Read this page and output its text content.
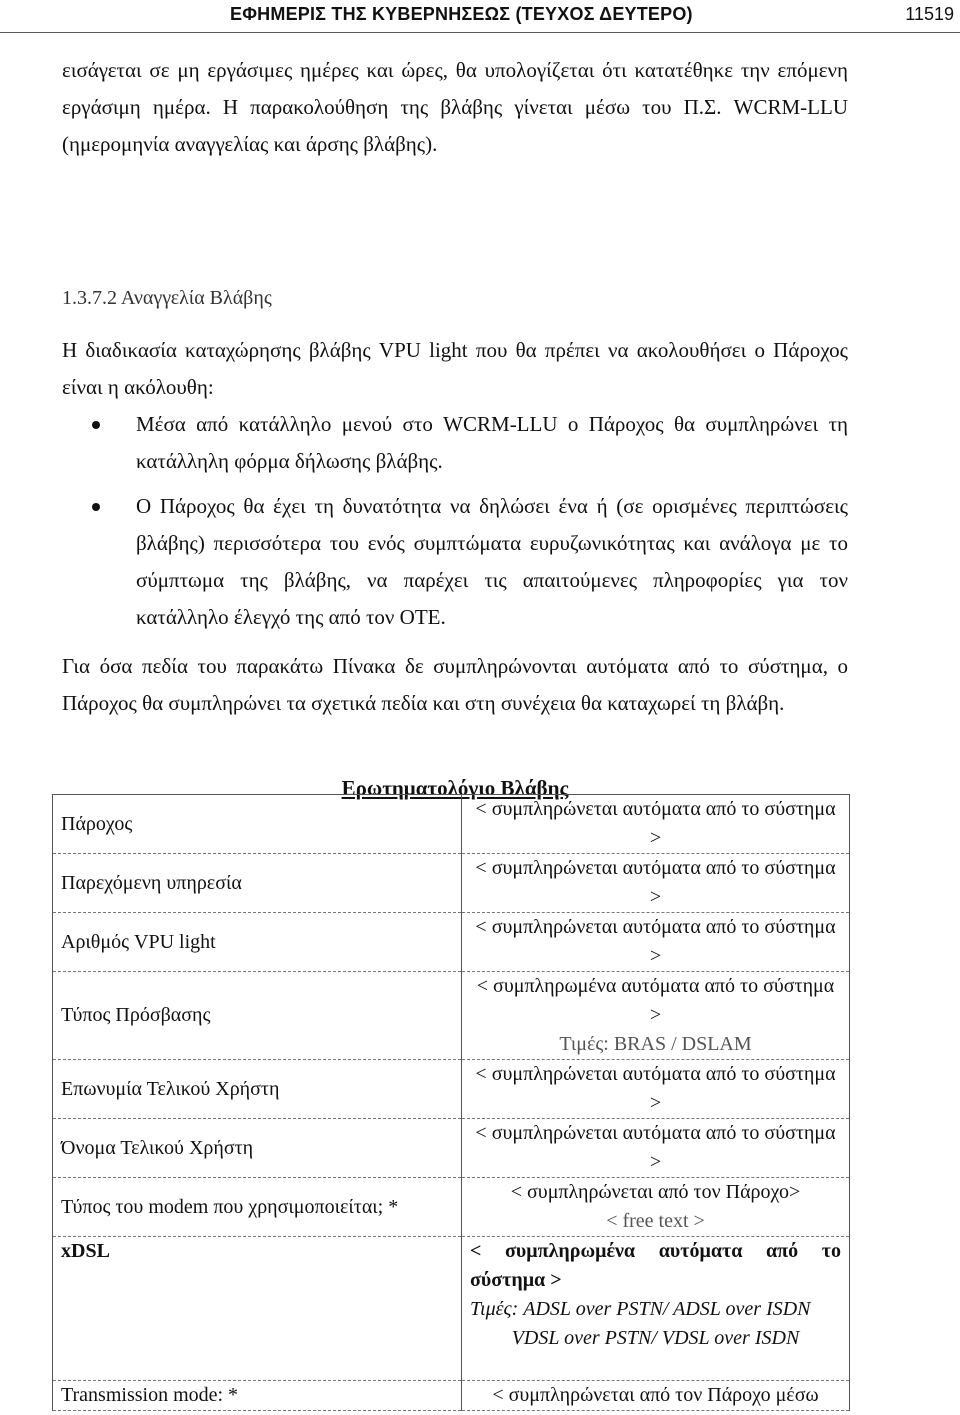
ΕΦΗΜΕΡΙΣ ΤΗΣ ΚΥΒΕΡΝΗΣΕΩΣ (ΤΕΥΧΟΣ ΔΕΥΤΕΡΟ)	11519

εισάγεται σε μη εργάσιμες ημέρες και ώρες, θα υπολογίζεται ότι κατατέθηκε την επόμενη εργάσιμη ημέρα. Η παρακολούθηση της βλάβης γίνεται μέσω του Π.Σ. WCRM-LLU (ημερομηνία αναγγελίας και άρσης βλάβης).

1.3.7.2 Αναγγελία Βλάβης

Η διαδικασία καταχώρησης βλάβης VPU light που θα πρέπει να ακολουθήσει ο Πάροχος είναι η ακόλουθη:

Μέσα από κατάλληλο μενού στο WCRM-LLU ο Πάροχος θα συμπληρώνει τη κατάλληλη φόρμα δήλωσης βλάβης.
Ο Πάροχος θα έχει τη δυνατότητα να δηλώσει ένα ή (σε ορισμένες περιπτώσεις βλάβης) περισσότερα του ενός συμπτώματα ευρυζωνικότητας και ανάλογα με το σύμπτωμα της βλάβης, να παρέχει τις απαιτούμενες πληροφορίες για τον κατάλληλο έλεγχό της από τον ΟΤΕ.

Για όσα πεδία του παρακάτω Πίνακα δε συμπληρώνονται αυτόματα από το σύστημα, ο Πάροχος θα συμπληρώνει τα σχετικά πεδία και στη συνέχεια θα καταχωρεί τη βλάβη.

Ερωτηματολόγιο Βλάβης
Πάροχος	< συμπληρώνεται αυτόματα από το σύστημα >
Παρεχόμενη υπηρεσία	< συμπληρώνεται αυτόματα από το σύστημα >
Αριθμός VPU light	< συμπληρώνεται αυτόματα από το σύστημα >
Τύπος Πρόσβασης	< συμπληρωμένα αυτόματα από το σύστημα >
Τιμές: BRAS / DSLAM

Επωνυμία Τελικού Χρήστη	< συμπληρώνεται αυτόματα από το σύστημα >
Όνομα Τελικού Χρήστη	< συμπληρώνεται αυτόματα από το σύστημα >
Τύπος του modem που χρησιμοποιείται; *	< συμπληρώνεται από τον Πάροχο>
< free text >

xDSL	< συμπληρωμένα αυτόματα από το σύστημα >
Τιμές: ADSL over PSTN/ ADSL over ISDN
VDSL over PSTN/ VDSL over ISDN

Transmission mode: *	< συμπληρώνεται από τον Πάροχο μέσω
